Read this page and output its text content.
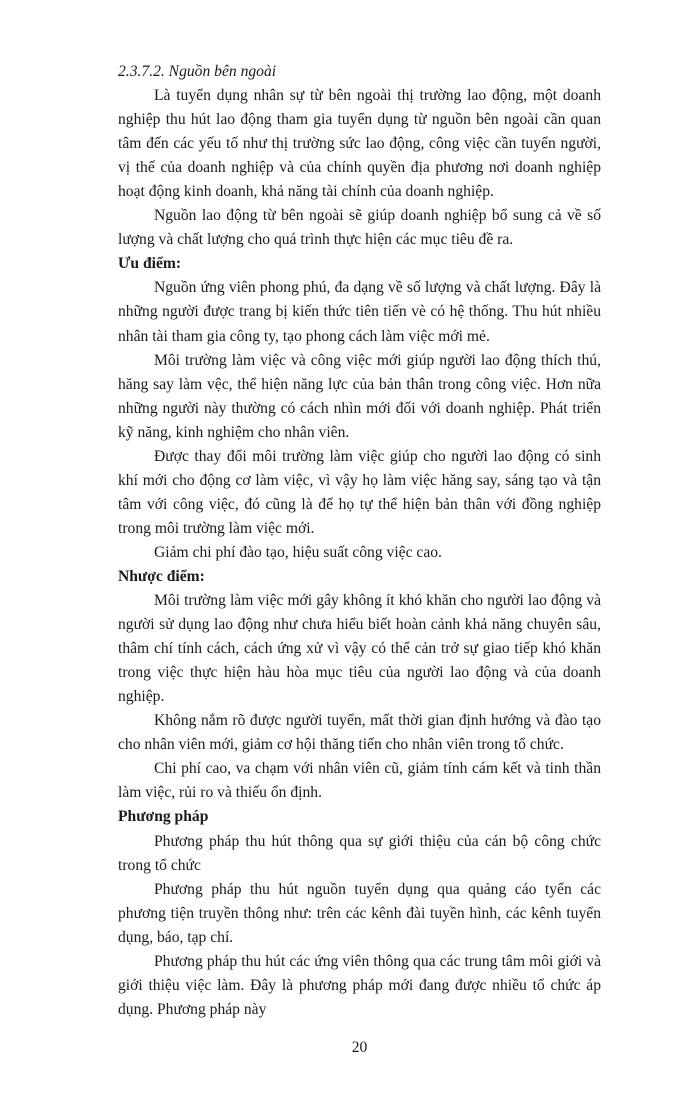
2.3.7.2. Nguồn bên ngoài

Là tuyển dụng nhân sự từ bên ngoài thị trường lao động, một doanh nghiệp thu hút lao động tham gia tuyển dụng từ nguồn bên ngoài cần quan tâm đến các yếu tố như thị trường sức lao động, công việc cần tuyển người, vị thế của doanh nghiệp và của chính quyền địa phương nơi doanh nghiệp hoạt động kinh doanh, khả năng tài chính của doanh nghiệp.

Nguồn lao động từ bên ngoài sẽ giúp doanh nghiệp bổ sung cả về số lượng và chất lượng cho quá trình thực hiện các mục tiêu đề ra.

Ưu điểm:

Nguồn ứng viên phong phú, đa dạng về số lượng và chất lượng. Đây là những người được trang bị kiến thức tiên tiến vè có hệ thống. Thu hút nhiều nhân tài tham gia công ty, tạo phong cách làm việc mới mẻ.

Môi trường làm việc và công việc mới giúp người lao động thích thú, hăng say làm vệc, thể hiện năng lực của bản thân trong công việc. Hơn nữa những người này thường có cách nhìn mới đối với doanh nghiệp. Phát triển kỹ năng, kinh nghiệm cho nhân viên.

Được thay đổi môi trường làm việc giúp cho người lao động có sinh khí mới cho động cơ làm việc, vì vậy họ làm việc hăng say, sáng tạo và tận tâm với công việc, đó cũng là để họ tự thể hiện bản thân với đồng nghiệp trong môi trường làm việc mới.

Giảm chi phí đào tạo, hiệu suất công việc cao.

Nhược điểm:

Môi trường làm việc mới gây không ít khó khăn cho người lao động và người sử dụng lao động như chưa hiểu biết hoàn cảnh khả năng chuyên sâu, thâm chí tính cách, cách ứng xử vì vậy có thể cản trở sự giao tiếp khó khăn trong việc thực hiện hàu hòa mục tiêu của người lao động và của doanh nghiệp.

Không nắm rõ được người tuyển, mất thời gian định hướng và đào tạo cho nhân viên mới, giảm cơ hội thăng tiến cho nhân viên trong tổ chức.

Chi phí cao, va chạm với nhân viên cũ, giảm tính cám kết và tinh thần làm việc, rủi ro và thiếu ổn định.

Phương pháp

Phương pháp thu hút thông qua sự giới thiệu của cán bộ công chức trong tổ chức

Phương pháp thu hút nguồn tuyển dụng qua quảng cáo tyển các phương tiện truyền thông như: trên các kênh đài tuyền hình, các kênh tuyển dụng, báo, tạp chí.

Phương pháp thu hút các ứng viên thông qua các trung tâm môi giới và giới thiệu việc làm. Đây là phương pháp mới đang được nhiều tổ chức áp dụng. Phương pháp này

20
